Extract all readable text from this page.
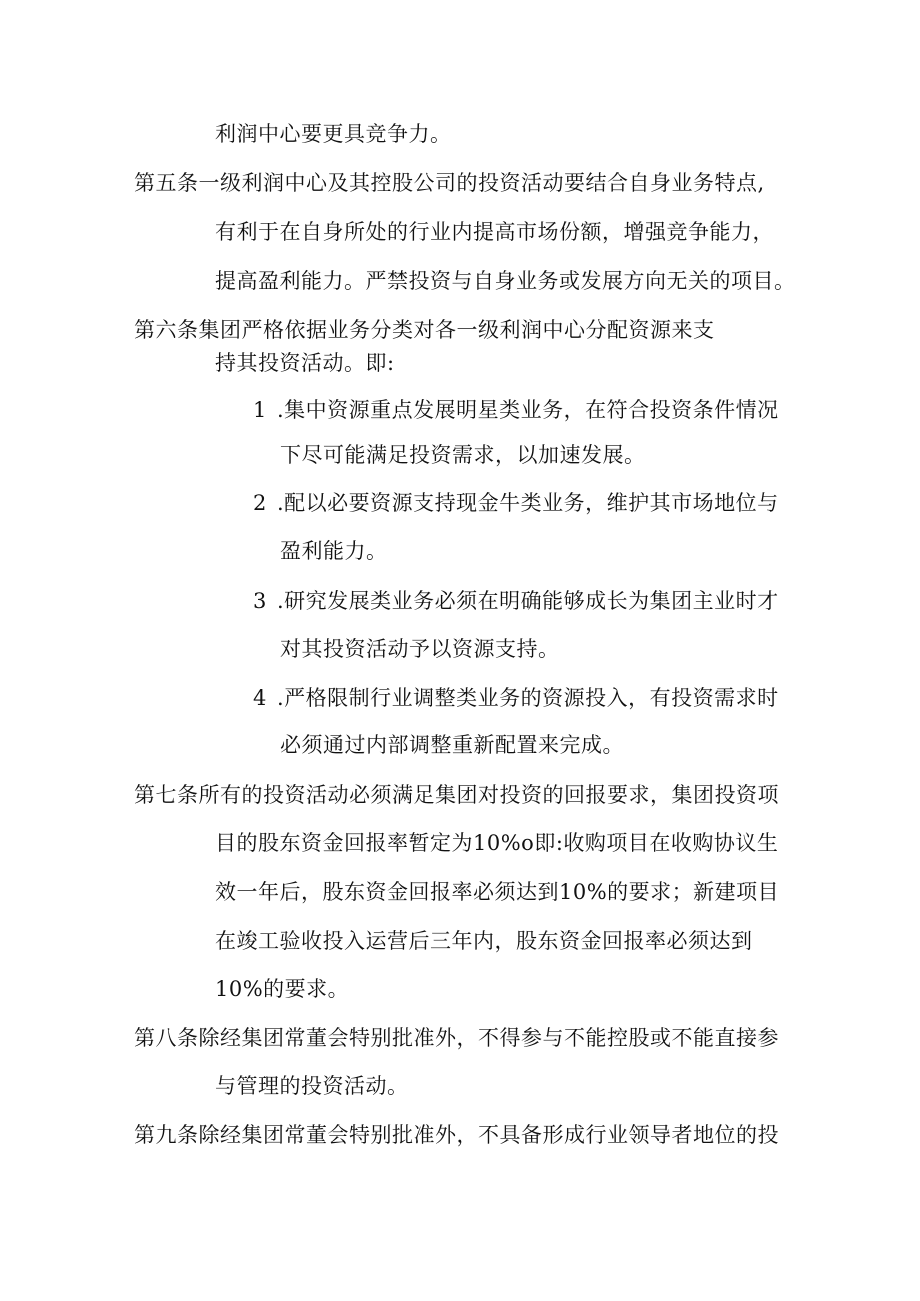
利润中心要更具竞争力。
第五条一级利润中心及其控股公司的投资活动要结合自身业务特点,
有利于在自身所处的行业内提高市场份额，增强竞争能力，
提高盈利能力。严禁投资与自身业务或发展方向无关的项目。
第六条集团严格依据业务分类对各一级利润中心分配资源来支
持其投资活动。即:
1 .集中资源重点发展明星类业务，在符合投资条件情况
下尽可能满足投资需求，以加速发展。
2 .配以必要资源支持现金牛类业务，维护其市场地位与
盈利能力。
3 .研究发展类业务必须在明确能够成长为集团主业时才
对其投资活动予以资源支持。
4 .严格限制行业调整类业务的资源投入，有投资需求时
必须通过内部调整重新配置来完成。
第七条所有的投资活动必须满足集团对投资的回报要求，集团投资项
目的股东资金回报率暂定为10%o即:收购项目在收购协议生
效一年后，股东资金回报率必须达到10%的要求；新建项目
在竣工验收投入运营后三年内，股东资金回报率必须达到
10%的要求。
第八条除经集团常董会特别批准外，不得参与不能控股或不能直接参
与管理的投资活动。
第九条除经集团常董会特别批准外，不具备形成行业领导者地位的投
